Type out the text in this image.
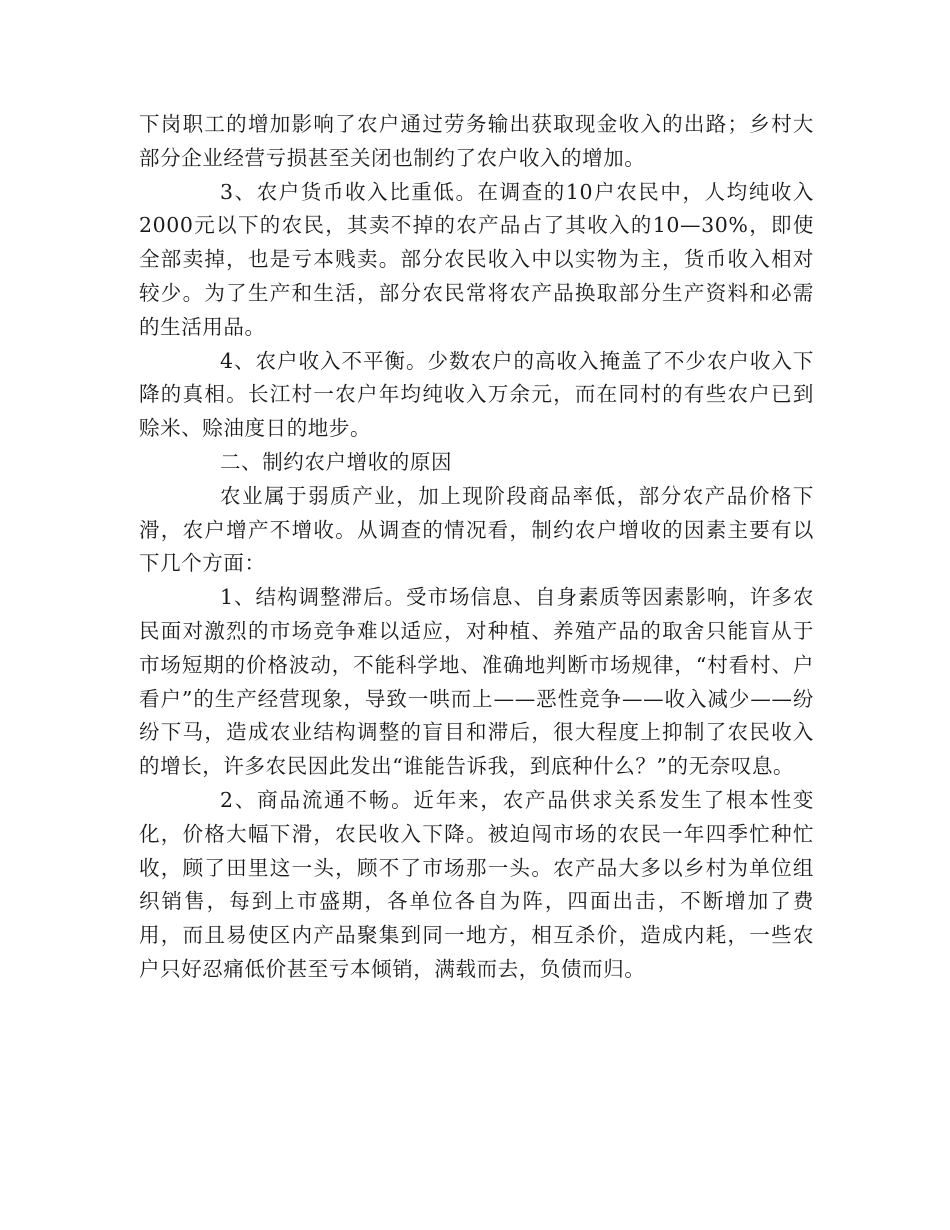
下岗职工的增加影响了农户通过劳务输出获取现金收入的出路；乡村大部分企业经营亏损甚至关闭也制约了农户收入的增加。

3、农户货币收入比重低。在调查的10户农民中，人均纯收入2000元以下的农民，其卖不掉的农产品占了其收入的10—30%，即使全部卖掉，也是亏本贱卖。部分农民收入中以实物为主，货币收入相对较少。为了生产和生活，部分农民常将农产品换取部分生产资料和必需的生活用品。

4、农户收入不平衡。少数农户的高收入掩盖了不少农户收入下降的真相。长江村一农户年均纯收入万余元，而在同村的有些农户已到赊米、赊油度日的地步。

二、制约农户增收的原因

农业属于弱质产业，加上现阶段商品率低，部分农产品价格下滑，农户增产不增收。从调查的情况看，制约农户增收的因素主要有以下几个方面：

1、结构调整滞后。受市场信息、自身素质等因素影响，许多农民面对激烈的市场竞争难以适应，对种植、养殖产品的取舍只能盲从于市场短期的价格波动，不能科学地、准确地判断市场规律，“村看村、户看户”的生产经营现象，导致一哄而上——恶性竞争——收入减少——纷纷下马，造成农业结构调整的盲目和滞后，很大程度上抑制了农民收入的增长，许多农民因此发出“谁能告诉我，到底种什么？”的无奈叹息。

2、商品流通不畅。近年来，农产品供求关系发生了根本性变化，价格大幅下滑，农民收入下降。被迫闯市场的农民一年四季忙种忙收，顾了田里这一头，顾不了市场那一头。农产品大多以乡村为单位组织销售，每到上市盛期，各单位各自为阵，四面出击，不断增加了费用，而且易使区内产品聚集到同一地方，相互杀价，造成内耗，一些农户只好忍痛低价甚至亏本倾销，满载而去，负债而归。
